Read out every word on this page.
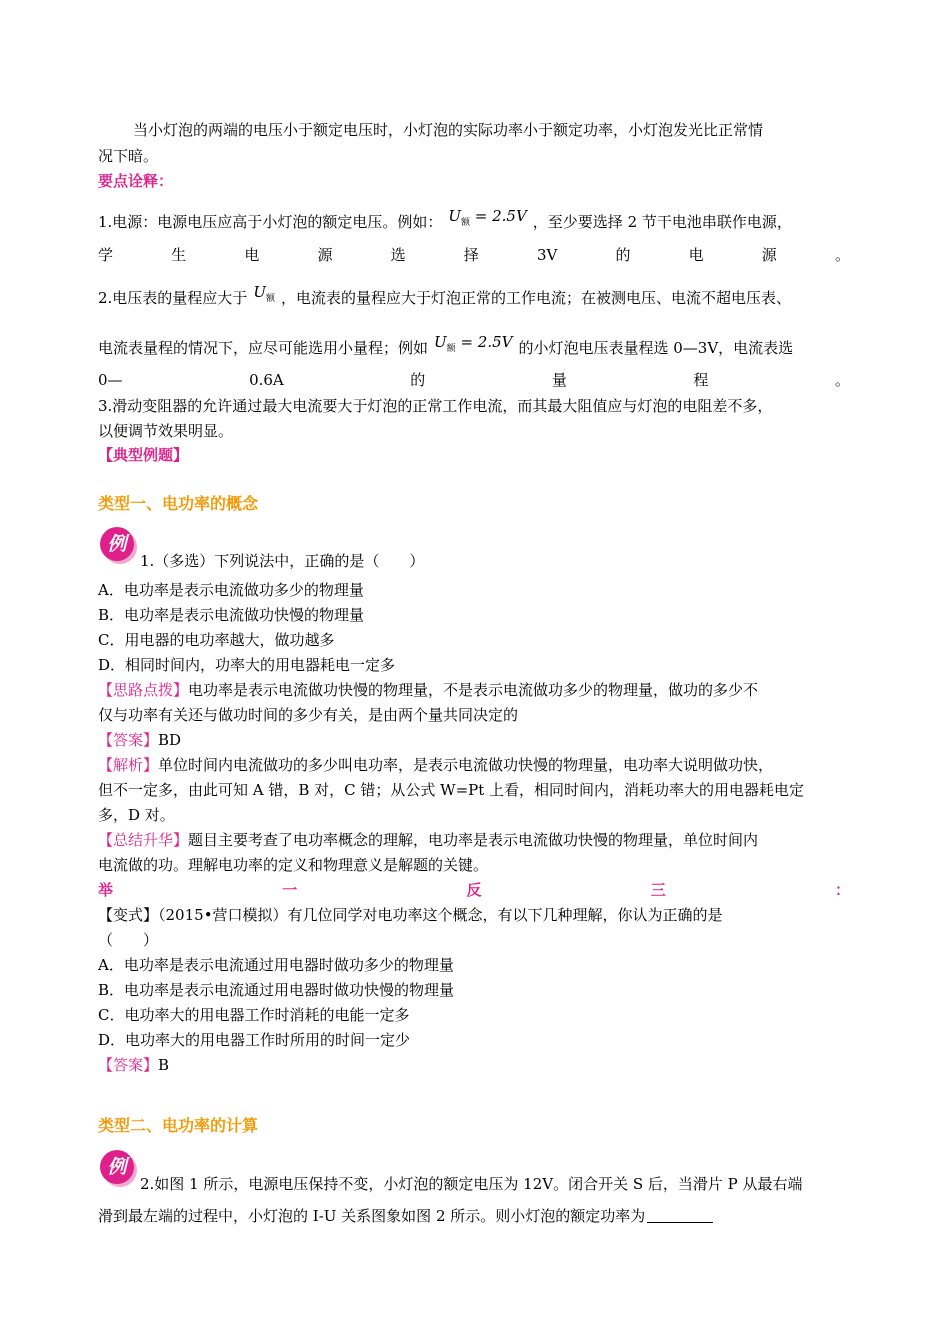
当小灯泡的两端的电压小于额定电压时，小灯泡的实际功率小于额定功率，小灯泡发光比正常情
况下暗。
要点诠释：
1.电源：电源电压应高于小灯泡的额定电压。例如： $U_额 = 2.5V$ ，至少要选择 2 节干电池串联作电源，
学	生	电	源	选	择	3V	的	电	源	。
2.电压表的量程应大于 $U_额$ ，电流表的量程应大于灯泡正常的工作电流；在被测电压、电流不超电压表、
电流表量程的情况下，应尽可能选用小量程；例如 $U_额 = 2.5V$ 的小灯泡电压表量程选 0—3V，电流表选
0—	0.6A	的	量	程	。
3.滑动变阻器的允许通过最大电流要大于灯泡的正常工作电流，而其最大阻值应与灯泡的电阻差不多，
以便调节效果明显。
【典型例题】
类型一、电功率的概念
例
1.（多选）下列说法中，正确的是（　　）
A．电功率是表示电流做功多少的物理量
B．电功率是表示电流做功快慢的物理量
C．用电器的电功率越大，做功越多
D．相同时间内，功率大的用电器耗电一定多
【思路点拨】电功率是表示电流做功快慢的物理量，不是表示电流做功多少的物理量，做功的多少不
仅与功率有关还与做功时间的多少有关，是由两个量共同决定的
【答案】BD
【解析】单位时间内电流做功的多少叫电功率，是表示电流做功快慢的物理量，电功率大说明做功快，
但不一定多，由此可知 A 错，B 对，C 错；从公式 W=Pt 上看，相同时间内，消耗功率大的用电器耗电定
多，D 对。
【总结升华】题目主要考查了电功率概念的理解，电功率是表示电流做功快慢的物理量，单位时间内
电流做的功。理解电功率的定义和物理意义是解题的关键。
举	一	反	三	：
【变式】（2015•营口模拟）有几位同学对电功率这个概念，有以下几种理解，你认为正确的是
（　　）
A．电功率是表示电流通过用电器时做功多少的物理量
B．电功率是表示电流通过用电器时做功快慢的物理量
C．电功率大的用电器工作时消耗的电能一定多
D．电功率大的用电器工作时所用的时间一定少
【答案】B
类型二、电功率的计算
例
2.如图 1 所示，电源电压保持不变，小灯泡的额定电压为 12V。闭合开关 S 后，当滑片 P 从最右端
滑到最左端的过程中，小灯泡的 I-U 关系图象如图 2 所示。则小灯泡的额定功率为
